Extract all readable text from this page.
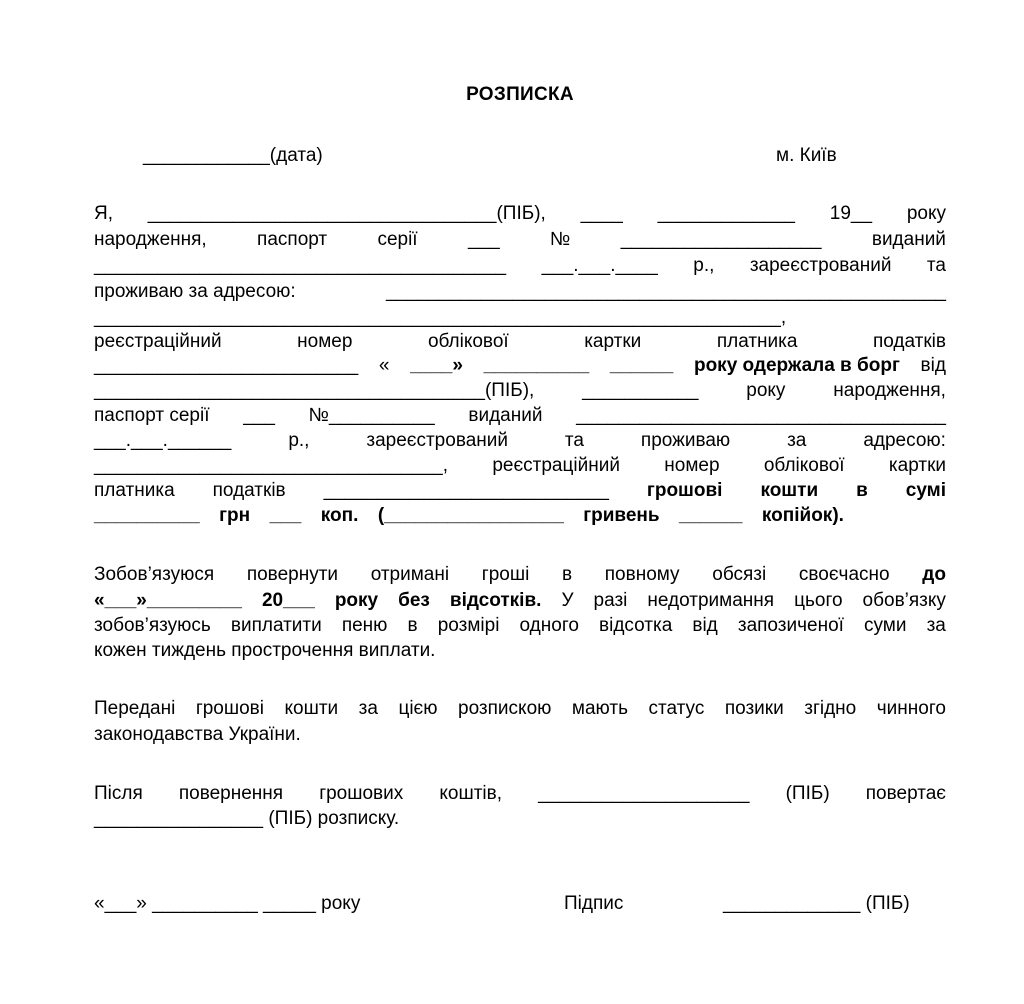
РОЗПИСКА
____________(дата)	м. Київ
Я, _________________________________(ПІБ), ____ _____________ 19__ року
народження,	паспорт	серії	___	№	___________________	виданий
_______________________________________ ___.___.____ р., зареєстрований та
проживаю за адресою:	_____________________________________________________
_________________________________________________________________,
реєстраційний	номер	облікової	картки	платника	податків
_________________________ « ____» __________ ______ року одержала в борг від
_____________________________________(ПІБ),	___________	року	народження,
паспорт серії ___ №__________ виданий ___________________________________
___.___.______	р.,	зареєстрований	та	проживаю	за	адресою:
_________________________________, реєстраційний номер облікової картки
платника податків ___________________________ грошові кошти в сумі
__________ грн ___ коп. (_________________ гривень ______ копійок).
Зобов’язуюся повернути отримані гроші в повному обсязі своєчасно до
«___»_________ 20___ року без відсотків. У разі недотримання цього обов’язку
зобов’язуюсь виплатити пеню в розмірі одного відсотка від запозиченої суми за
кожен тиждень прострочення виплати.
Передані грошові кошти за цією розпискою мають статус позики згідно чинного
законодавства України.
Після повернення грошових коштів, ____________________ (ПІБ) повертає
________________ (ПІБ) розписку.
«___» __________ _____ року	Підпис	_____________ (ПІБ)
